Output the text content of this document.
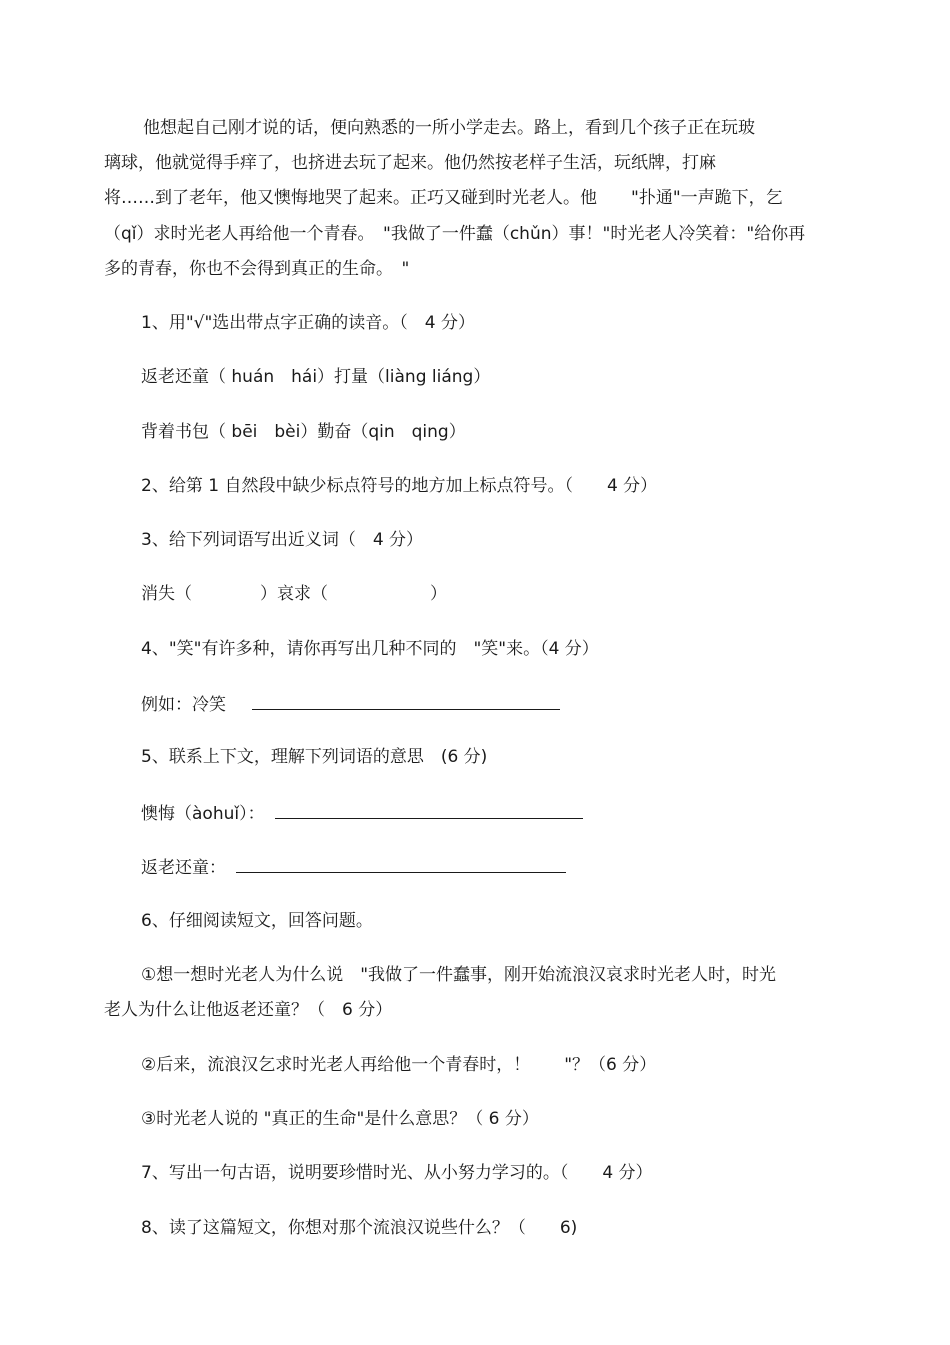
他想起自己刚才说的话，便向熟悉的一所小学走去。路上，看到几个孩子正在玩玻
璃球，他就觉得手痒了，也挤进去玩了起来。他仍然按老样子生活，玩纸牌，打麻
将……到了老年，他又懊悔地哭了起来。正巧又碰到时光老人。他　　"扑通"一声跪下，乞
（qǐ）求时光老人再给他一个青春。　"我做了一件蠢（chǔn）事！"时光老人冷笑着："给你再
多的青春，你也不会得到真正的生命。　"
1、用"√"选出带点字正确的读音。（　4 分）
返老还童（ huán　hái）打量（liàng liáng）
背着书包（ bēi　bèi）勤奋（qin　qing）
2、给第 1 自然段中缺少标点符号的地方加上标点符号。（　　4 分）
3、给下列词语写出近义词（　4 分）
消失（　　　　）哀求（　　　　　　）
4、"笑"有许多种，请你再写出几种不同的　"笑"来。（4 分）
例如：冷笑
5、联系上下文，理解下列词语的意思　(6 分)
懊悔（àohuǐ）：
返老还童：
6、仔细阅读短文，回答问题。
①想一想时光老人为什么说　"我做了一件蠢事，刚开始流浪汉哀求时光老人时，时光
老人为什么让他返老还童？（　6 分）
②后来，流浪汉乞求时光老人再给他一个青春时，！　　"？（6 分）
③时光老人说的 "真正的生命"是什么意思？（ 6 分）
7、写出一句古语，说明要珍惜时光、从小努力学习的。（　　4 分）
8、读了这篇短文，你想对那个流浪汉说些什么？（　　6)
